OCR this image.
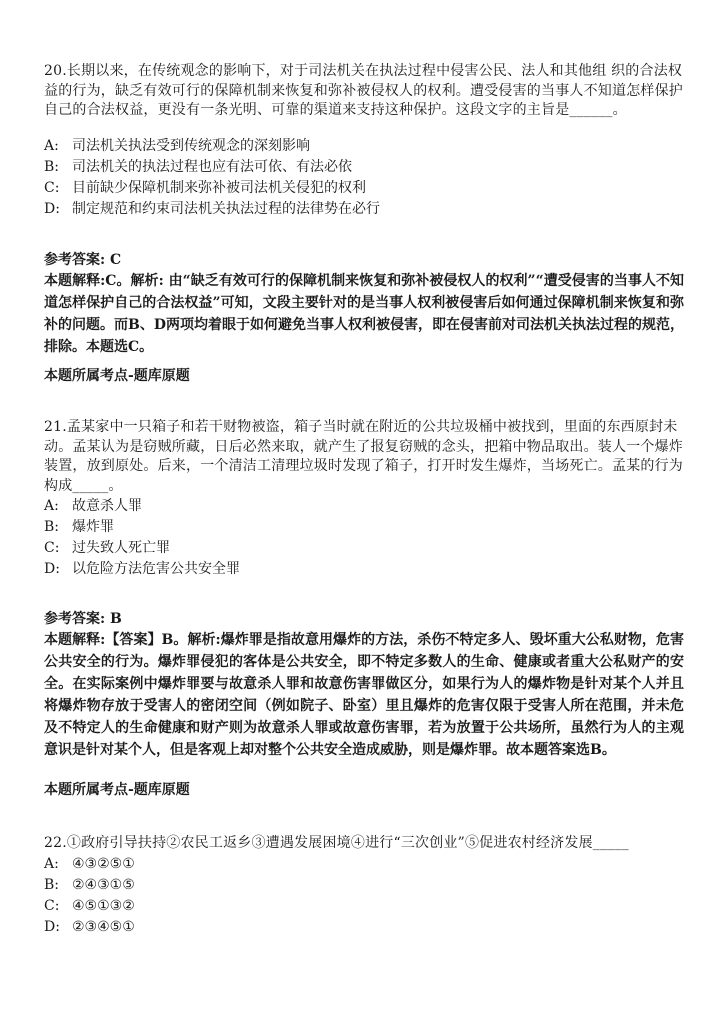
20.长期以来，在传统观念的影响下，对于司法机关在执法过程中侵害公民、法人和其他组 织的合法权益的行为，缺乏有效可行的保障机制来恢复和弥补被侵权人的权利。遭受侵害的当事人不知道怎样保护自己的合法权益，更没有一条光明、可靠的渠道来支持这种保护。这段文字的主旨是______。
A: 司法机关执法受到传统观念的深刻影响
B: 司法机关的执法过程也应有法可依、有法必依
C: 目前缺少保障机制来弥补被司法机关侵犯的权利
D: 制定规范和约束司法机关执法过程的法律势在必行
参考答案: C
本题解释:C。解析: 由“缺乏有效可行的保障机制来恢复和弥补被侵权人的权利”“遭受侵害的当事人不知道怎样保护自己的合法权益”可知，文段主要针对的是当事人权利被侵害后如何通过保障机制来恢复和弥补的问题。而B、D两项均着眼于如何避免当事人权利被侵害，即在侵害前对司法机关执法过程的规范，排除。本题选C。
本题所属考点-题库原题
21.孟某家中一只箱子和若干财物被盗，箱子当时就在附近的公共垃圾桶中被找到，里面的东西原封未动。孟某认为是窃贼所藏，日后必然来取，就产生了报复窃贼的念头，把箱中物品取出。装人一个爆炸装置，放到原处。后来，一个清洁工清理垃圾时发现了箱子，打开时发生爆炸，当场死亡。孟某的行为构成_____。
A: 故意杀人罪
B: 爆炸罪
C: 过失致人死亡罪
D: 以危险方法危害公共安全罪
参考答案: B
本题解释:【答案】B。解析:爆炸罪是指故意用爆炸的方法，杀伤不特定多人、毁坏重大公私财物，危害公共安全的行为。爆炸罪侵犯的客体是公共安全，即不特定多数人的生命、健康或者重大公私财产的安全。在实际案例中爆炸罪要与故意杀人罪和故意伤害罪做区分，如果行为人的爆炸物是针对某个人并且将爆炸物存放于受害人的密闭空间（例如院子、卧室）里且爆炸的危害仅限于受害人所在范围，并未危及不特定人的生命健康和财产则为故意杀人罪或故意伤害罪，若为放置于公共场所，虽然行为人的主观意识是针对某个人，但是客观上却对整个公共安全造成威胁，则是爆炸罪。故本题答案选B。
本题所属考点-题库原题
22.①政府引导扶持②农民工返乡③遭遇发展困境④进行“三次创业”⑤促进农村经济发展_____
A: ④③②⑤①
B: ②④③①⑤
C: ④⑤①③②
D: ②③④⑤①
